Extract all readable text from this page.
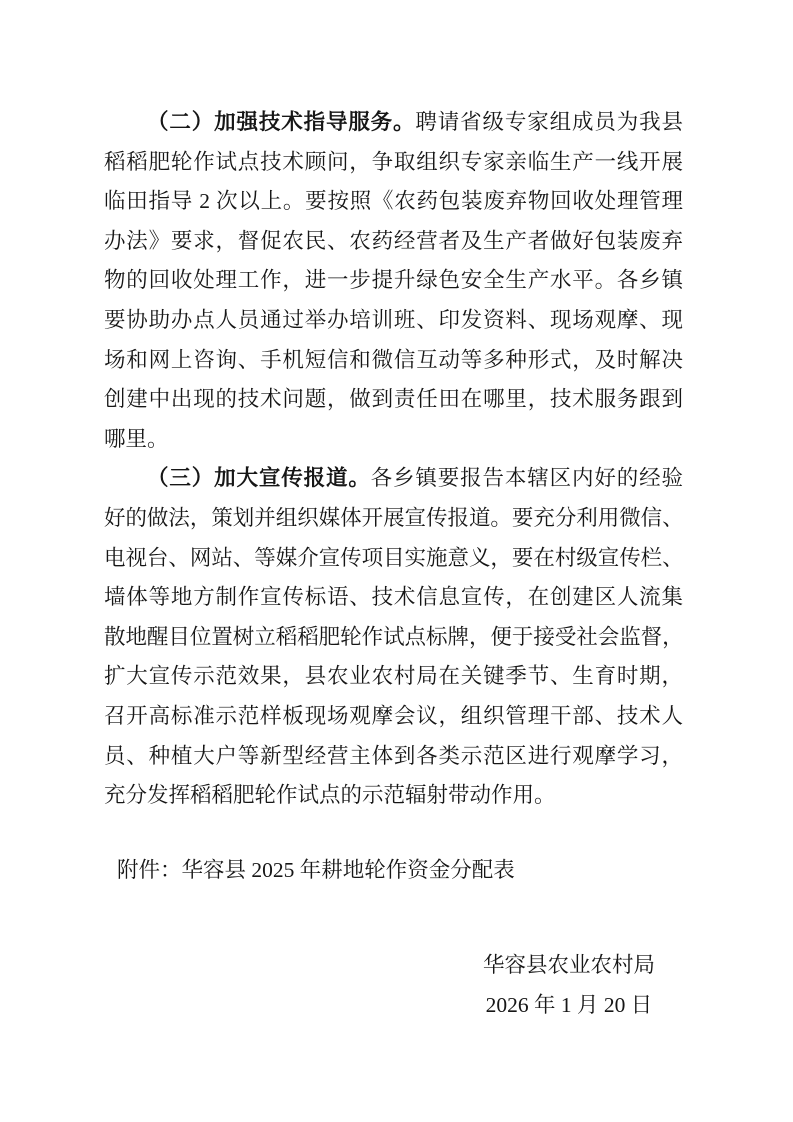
（二）加强技术指导服务。聘请省级专家组成员为我县
稻稻肥轮作试点技术顾问，争取组织专家亲临生产一线开展
临田指导 2 次以上。要按照《农药包装废弃物回收处理管理
办法》要求，督促农民、农药经营者及生产者做好包装废弃
物的回收处理工作，进一步提升绿色安全生产水平。各乡镇
要协助办点人员通过举办培训班、印发资料、现场观摩、现
场和网上咨询、手机短信和微信互动等多种形式，及时解决
创建中出现的技术问题，做到责任田在哪里，技术服务跟到
哪里。
（三）加大宣传报道。各乡镇要报告本辖区内好的经验
好的做法，策划并组织媒体开展宣传报道。要充分利用微信、
电视台、网站、等媒介宣传项目实施意义，要在村级宣传栏、
墙体等地方制作宣传标语、技术信息宣传，在创建区人流集
散地醒目位置树立稻稻肥轮作试点标牌，便于接受社会监督，
扩大宣传示范效果，县农业农村局在关键季节、生育时期，
召开高标准示范样板现场观摩会议，组织管理干部、技术人
员、种植大户等新型经营主体到各类示范区进行观摩学习，
充分发挥稻稻肥轮作试点的示范辐射带动作用。
附件：华容县 2025 年耕地轮作资金分配表
华容县农业农村局
2026 年 1 月 20 日
